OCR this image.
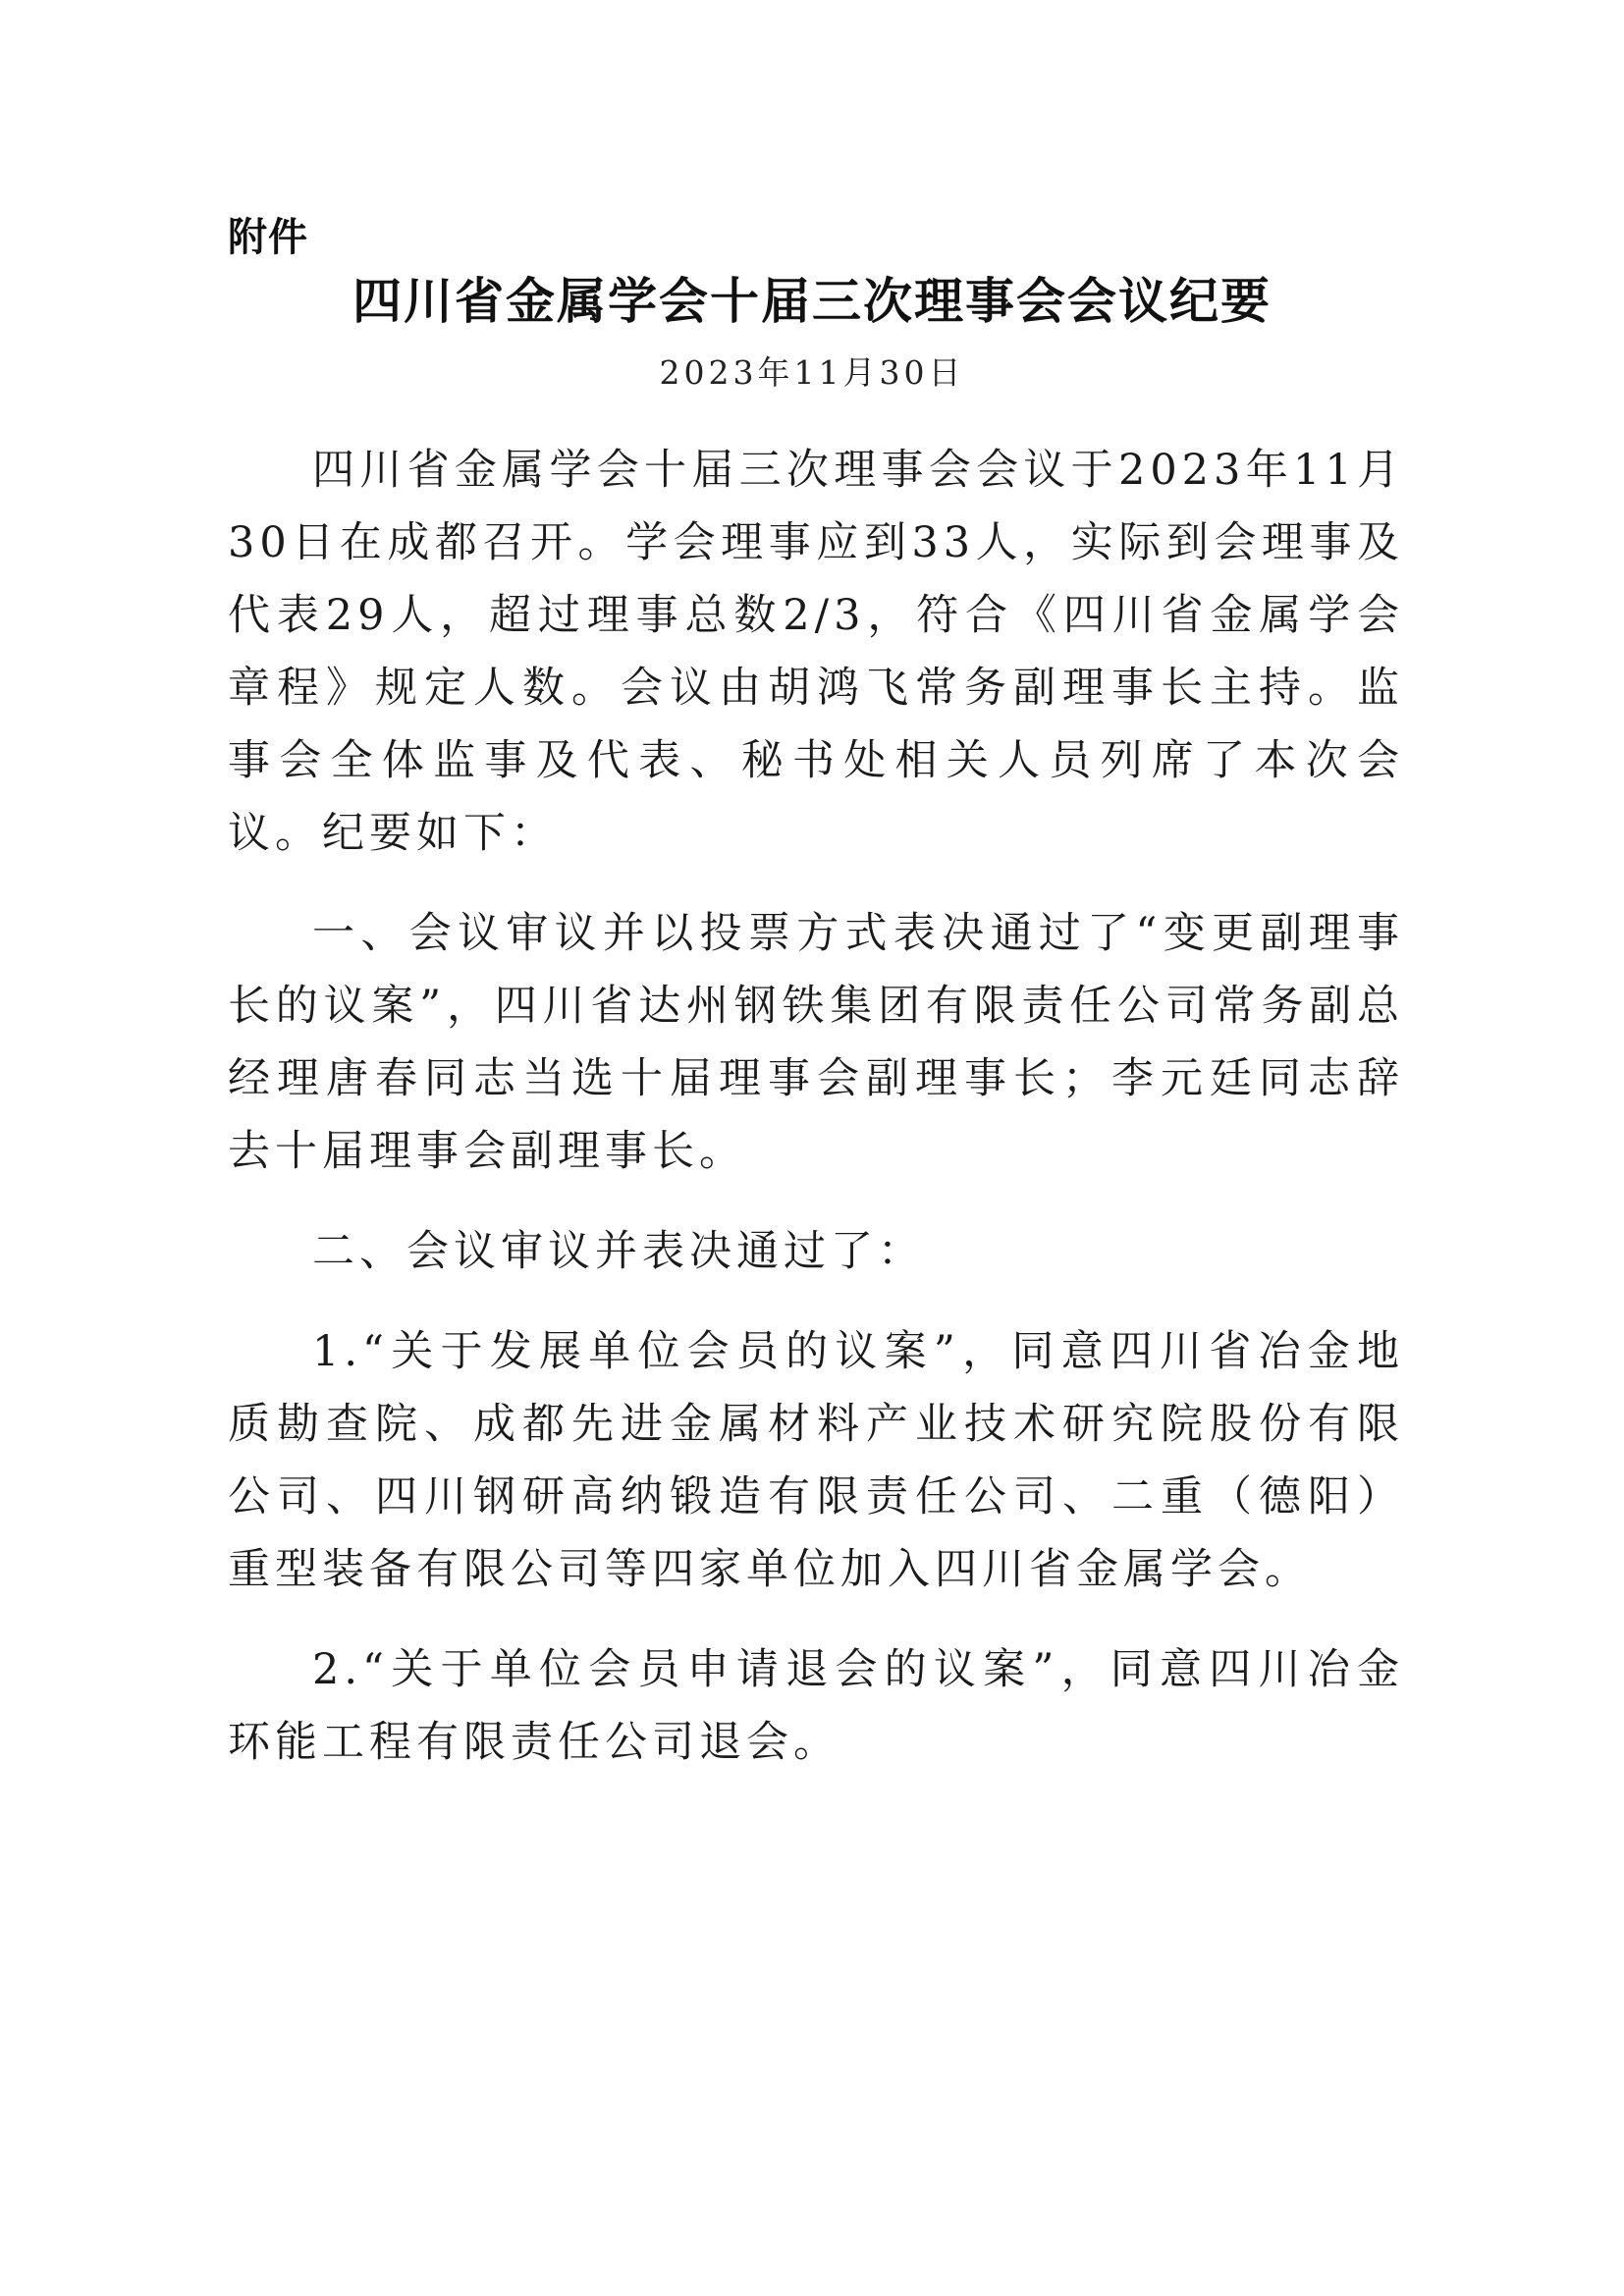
附件
四川省金属学会十届三次理事会会议纪要
2023年11月30日

四川省金属学会十届三次理事会会议于2023年11月30日在成都召开。学会理事应到33人，实际到会理事及代表29人，超过理事总数2/3，符合《四川省金属学会章程》规定人数。会议由胡鸿飞常务副理事长主持。监事会全体监事及代表、秘书处相关人员列席了本次会议。纪要如下：

一、会议审议并以投票方式表决通过了“变更副理事长的议案”，四川省达州钢铁集团有限责任公司常务副总经理唐春同志当选十届理事会副理事长；李元廷同志辞去十届理事会副理事长。

二、会议审议并表决通过了：

1.“关于发展单位会员的议案”，同意四川省冶金地质勘查院、成都先进金属材料产业技术研究院股份有限公司、四川钢研高纳锻造有限责任公司、二重（德阳）重型装备有限公司等四家单位加入四川省金属学会。

2.“关于单位会员申请退会的议案”，同意四川冶金环能工程有限责任公司退会。
